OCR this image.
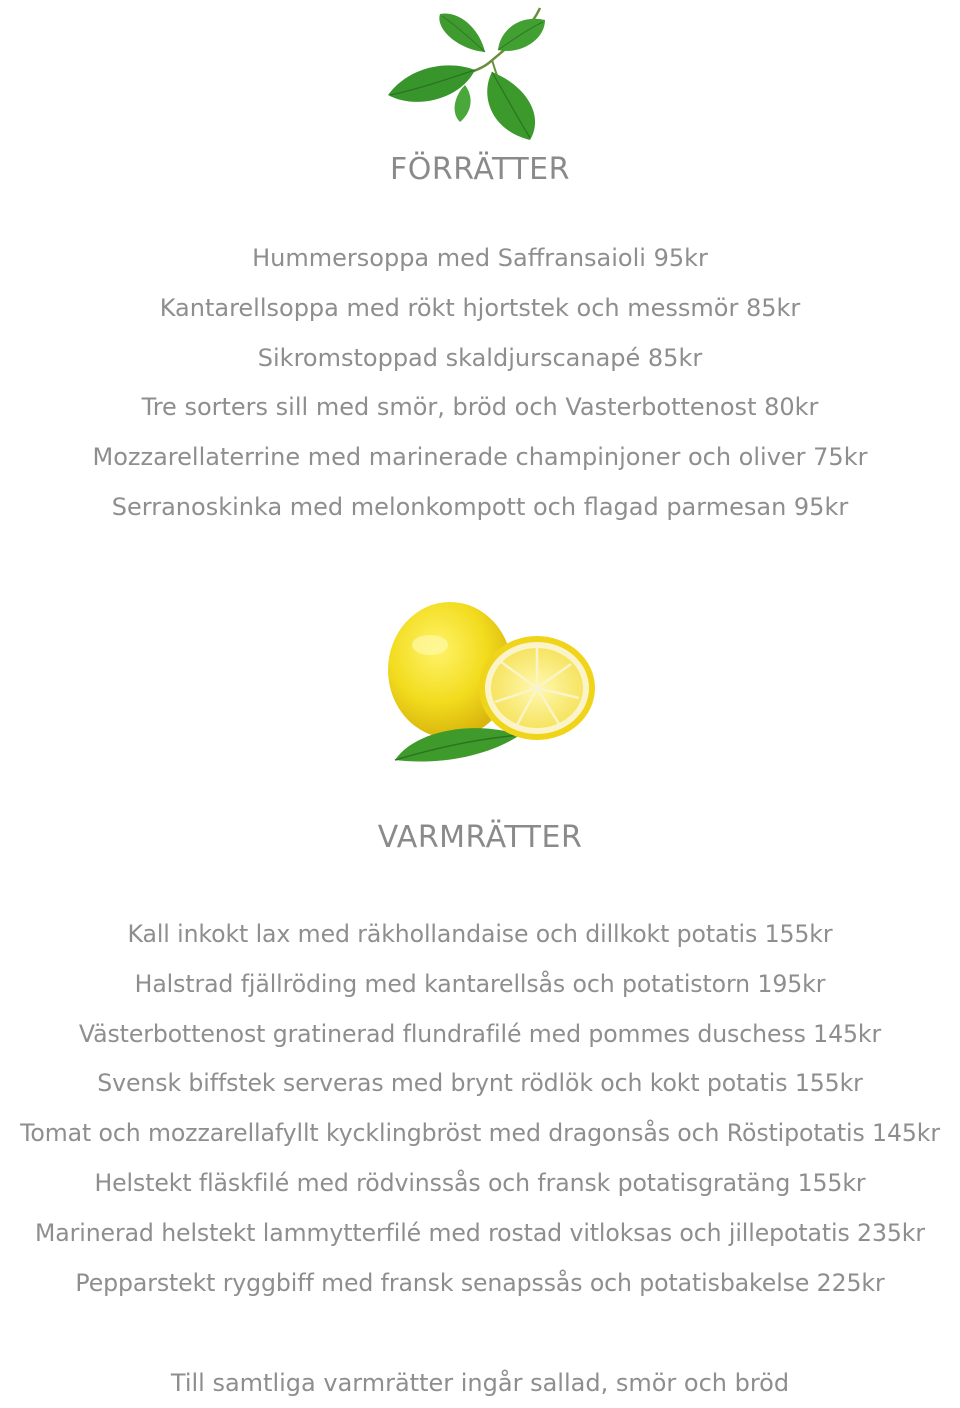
FÖRRÄTTER
Hummersoppa med Saffransaioli 95kr
Kantarellsoppa med rökt hjortstek och messmör 85kr
Sikromstoppad skaldjurscanapé 85kr
Tre sorters sill med smör, bröd och Vasterbottenost 80kr
Mozzarellaterrine med marinerade champinjoner och oliver 75kr
Serranoskinka med melonkompott och flagad parmesan 95kr
VARMRÄTTER
Kall inkokt lax med räkhollandaise och dillkokt potatis 155kr
Halstrad fjällröding med kantarellsås och potatistorn 195kr
Västerbottenost gratinerad flundrafilé med pommes duschess 145kr
Svensk biffstek serveras med brynt rödlök och kokt potatis 155kr
Tomat och mozzarellafyllt kycklingbröst med dragonsås och Röstipotatis 145kr
Helstekt fläskfilé med rödvinssås och fransk potatisgratäng 155kr
Marinerad helstekt lammytterfilé med rostad vitloksas och jillepotatis 235kr
Pepparstekt ryggbiff med fransk senapssås och potatisbakelse 225kr

Till samtliga varmrätter ingår sallad, smör och bröd
